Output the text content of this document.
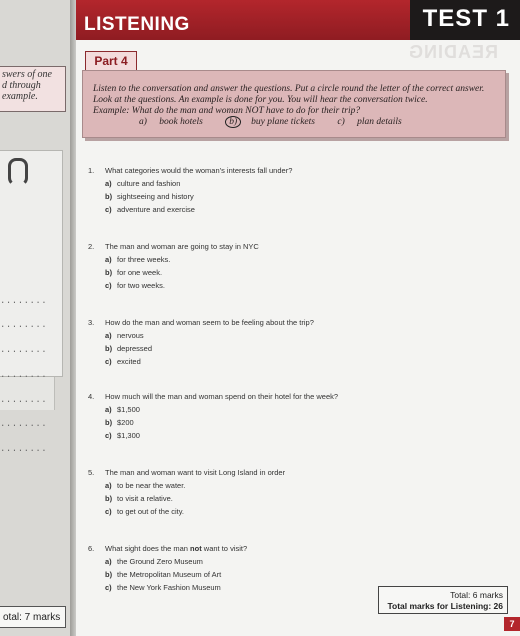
swers of one
d through
example.
········
········
········
········
········
········
········
otal: 7 marks
LISTENING	TEST 1
READING
Part 4

Listen to the conversation and answer the questions. Put a circle round the letter of the correct answer.

Look at the questions. An example is done for you. You will hear the conversation twice.

Example: What do the man and woman NOT have to do for their trip?

a) book hotels	b) buy plane tickets c) plan details

1. What categories would the woman's interests fall under?
a) culture and fashion
b) sightseeing and history
c) adventure and exercise
2. The man and woman are going to stay in NYC
a) for three weeks.
b) for one week.
c) for two weeks.
3. How do the man and woman seem to be feeling about the trip?
a) nervous
b) depressed
c) excited
4. How much will the man and woman spend on their hotel for the week?
a) $1,500
b) $200
c) $1,300
5. The man and woman want to visit Long Island in order
a) to be near the water.
b) to visit a relative.
c) to get out of the city.
6. What sight does the man not want to visit?
a) the Ground Zero Museum
b) the Metropolitan Museum of Art
c) the New York Fashion Museum
Total: 6 marks
Total marks for Listening: 26
7
